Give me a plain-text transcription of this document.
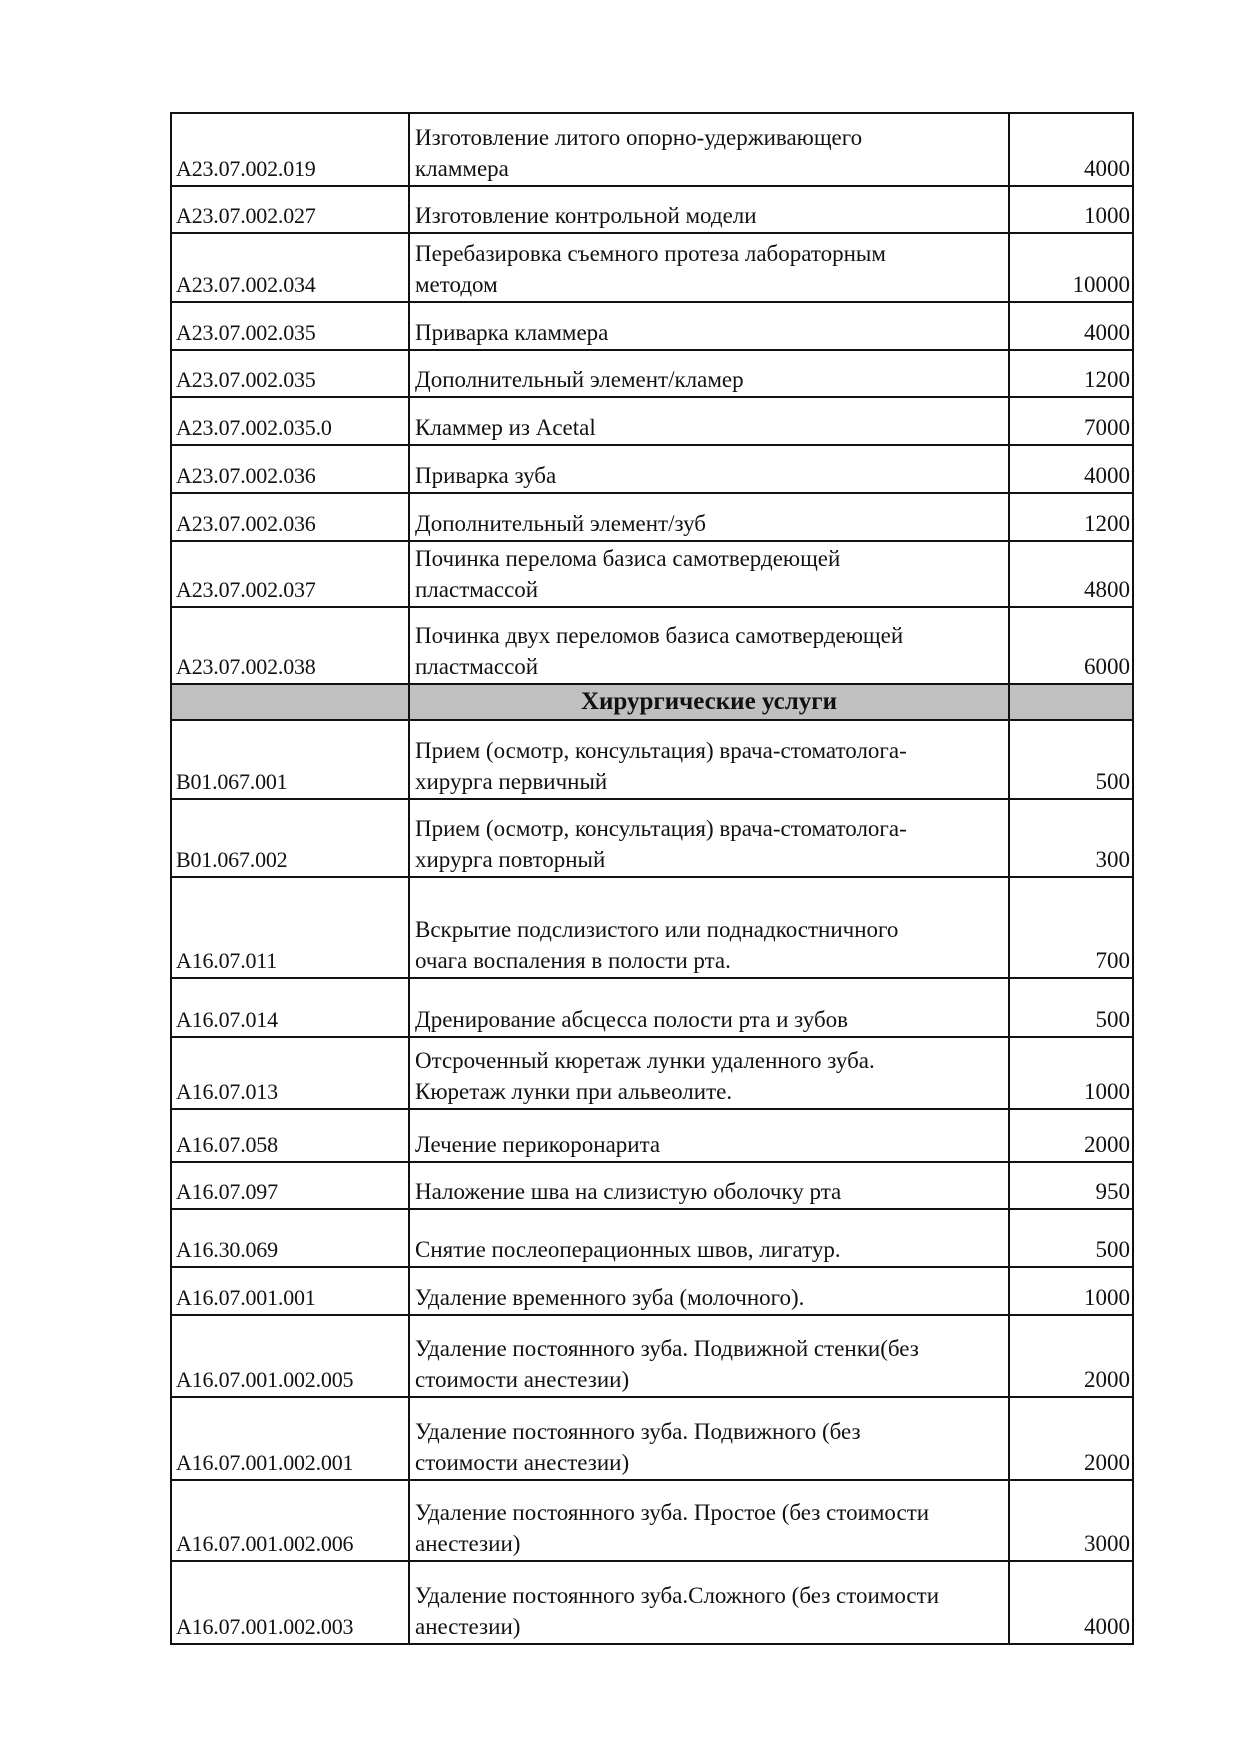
A23.07.002.019	Изготовление литого опорно-удерживающего
кламмера	4000
A23.07.002.027	Изготовление контрольной модели	1000
A23.07.002.034	Перебазировка съемного протеза лабораторным
методом	10000
A23.07.002.035	Приварка кламмера	4000
A23.07.002.035	Дополнительный элемент/кламер	1200
A23.07.002.035.0	Кламмер из Acetal	7000
A23.07.002.036	Приварка зуба	4000
A23.07.002.036	Дополнительный элемент/зуб	1200
A23.07.002.037	Починка перелома базиса самотвердеющей
пластмассой	4800
A23.07.002.038	Починка двух переломов базиса самотвердеющей
пластмассой	6000
	Хирургические услуги	
B01.067.001	Прием (осмотр, консультация) врача-стоматолога-
хирурга первичный	500
B01.067.002	Прием (осмотр, консультация) врача-стоматолога-
хирурга повторный	300
A16.07.011	Вскрытие подслизистого или поднадкостничного
очага воспаления в полости рта.	700
A16.07.014	Дренирование абсцесса полости рта и зубов	500
A16.07.013	Отсроченный кюретаж лунки удаленного зуба.
Кюретаж лунки при альвеолите.	1000
A16.07.058	Лечение перикоронарита	2000
A16.07.097	Наложение шва на слизистую оболочку рта	950
A16.30.069	Снятие послеоперационных швов, лигатур.	500
A16.07.001.001	Удаление временного зуба (молочного).	1000
A16.07.001.002.005	Удаление постоянного зуба. Подвижной стенки(без
стоимости анестезии)	2000
A16.07.001.002.001	Удаление постоянного зуба. Подвижного (без
стоимости анестезии)	2000
A16.07.001.002.006	Удаление постоянного зуба. Простое (без стоимости
анестезии)	3000
A16.07.001.002.003	Удаление постоянного зуба.Сложного (без стоимости
анестезии)	4000
